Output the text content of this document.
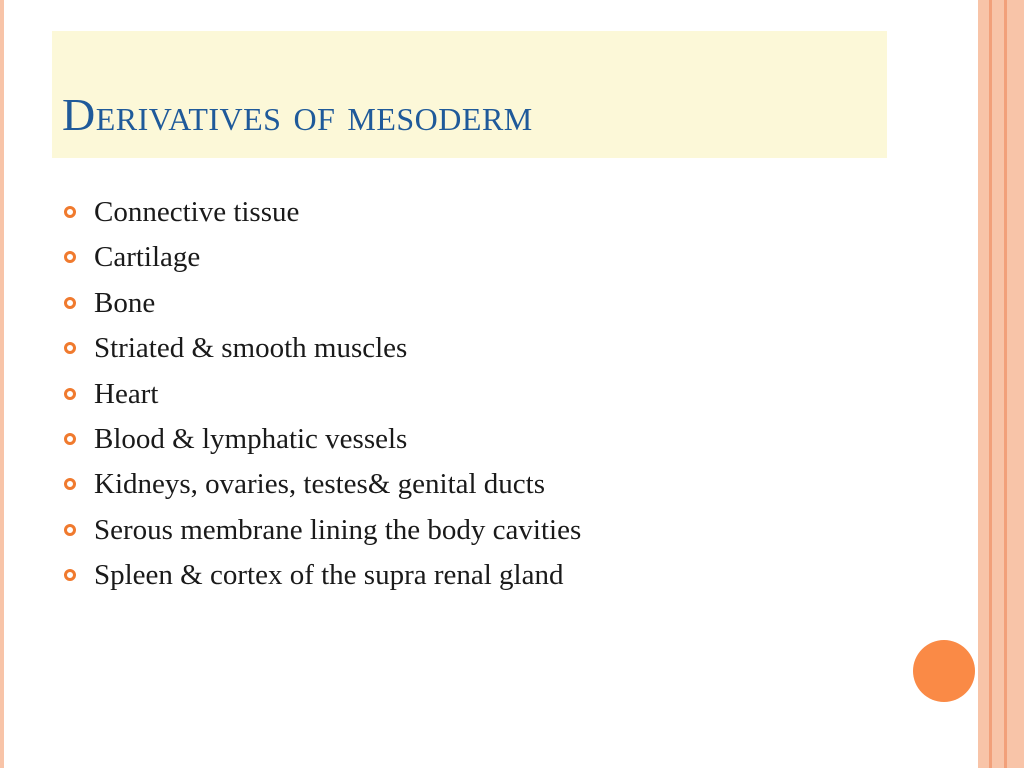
Derivatives of mesoderm
Connective tissue
Cartilage
Bone
Striated & smooth muscles
Heart
Blood & lymphatic vessels
Kidneys, ovaries, testes& genital ducts
Serous membrane lining the body cavities
Spleen & cortex of the supra renal gland
